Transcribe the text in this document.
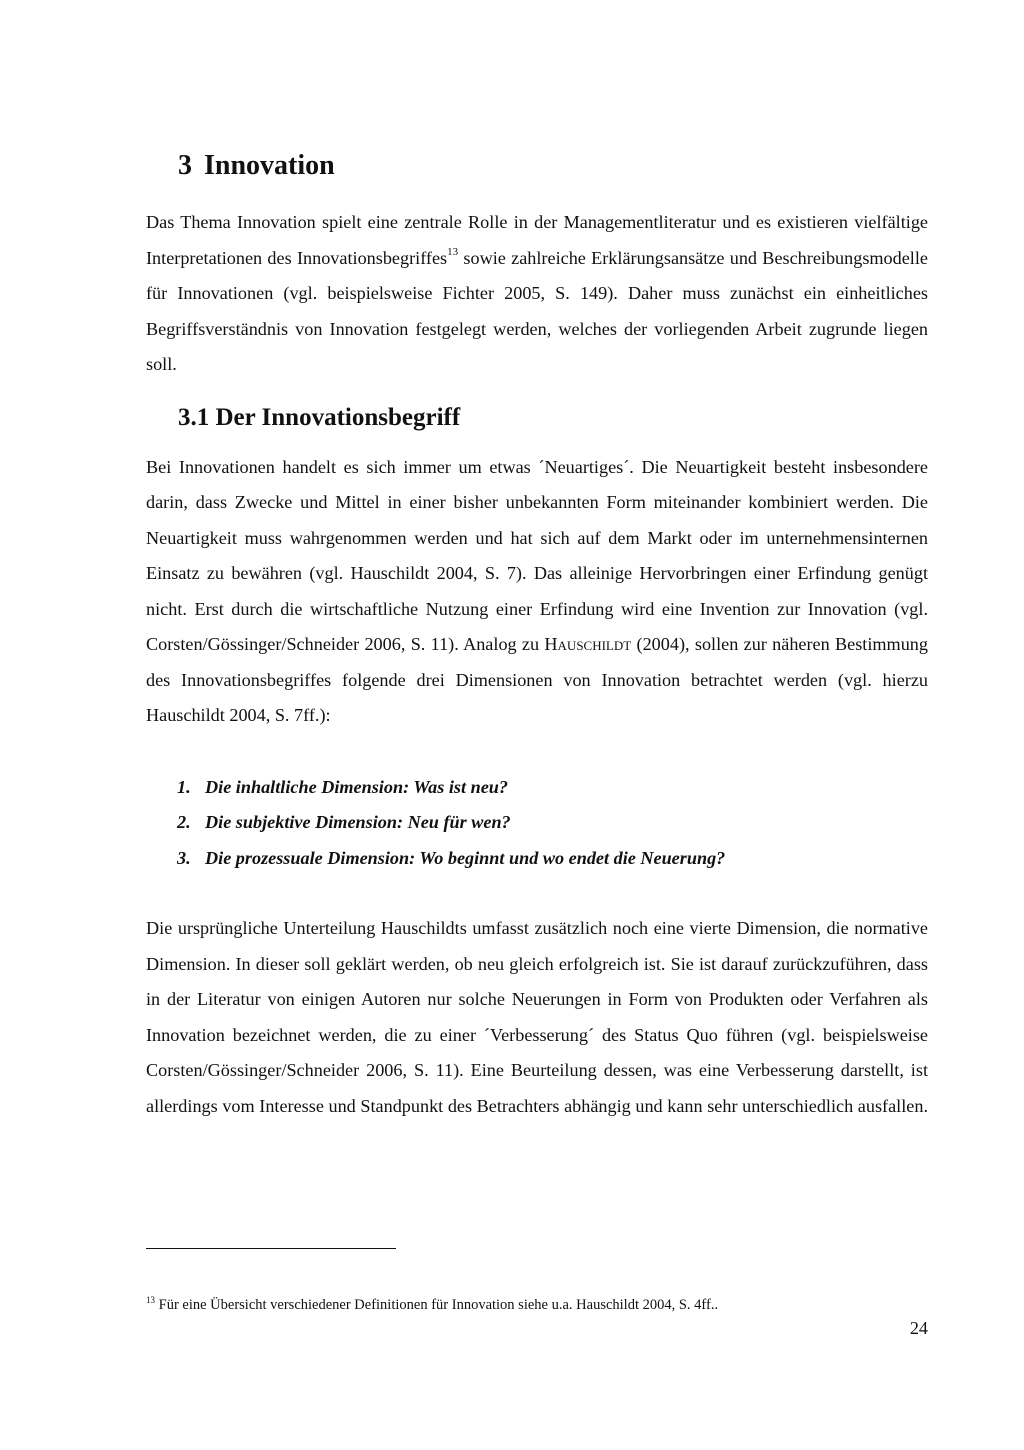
3 Innovation

Das Thema Innovation spielt eine zentrale Rolle in der Managementliteratur und es existieren vielfältige Interpretationen des Innovationsbegriffes$^{13}$ sowie zahlreiche Erklärungsansätze und Beschreibungsmodelle für Innovationen (vgl. beispielsweise Fichter 2005, S. 149). Daher muss zunächst ein einheitliches Begriffsverständnis von Innovation festgelegt werden, welches der vorliegenden Arbeit zugrunde liegen soll.

3.1 Der Innovationsbegriff

Bei Innovationen handelt es sich immer um etwas ´Neuartiges´. Die Neuartigkeit besteht insbesondere darin, dass Zwecke und Mittel in einer bisher unbekannten Form miteinander kombiniert werden. Die Neuartigkeit muss wahrgenommen werden und hat sich auf dem Markt oder im unternehmensinternen Einsatz zu bewähren (vgl. Hauschildt 2004, S. 7). Das alleinige Hervorbringen einer Erfindung genügt nicht. Erst durch die wirtschaftliche Nutzung einer Erfindung wird eine Invention zur Innovation (vgl. Corsten/Gössinger/Schneider 2006, S. 11). Analog zu Hauschildt (2004), sollen zur näheren Bestimmung des Innovationsbegriffes folgende drei Dimensionen von Innovation betrachtet werden (vgl. hierzu Hauschildt 2004, S. 7ff.):

1. Die inhaltliche Dimension: Was ist neu?
2. Die subjektive Dimension: Neu für wen?
3. Die prozessuale Dimension: Wo beginnt und wo endet die Neuerung?

Die ursprüngliche Unterteilung Hauschildts umfasst zusätzlich noch eine vierte Dimension, die normative Dimension. In dieser soll geklärt werden, ob neu gleich erfolgreich ist. Sie ist darauf zurückzuführen, dass in der Literatur von einigen Autoren nur solche Neuerungen in Form von Produkten oder Verfahren als Innovation bezeichnet werden, die zu einer ´Verbesserung´ des Status Quo führen (vgl. beispielsweise Corsten/Gössinger/Schneider 2006, S. 11). Eine Beurteilung dessen, was eine Verbesserung darstellt, ist allerdings vom Interesse und Standpunkt des Betrachters abhängig und kann sehr unterschiedlich ausfallen.

$^{13}$ Für eine Übersicht verschiedener Definitionen für Innovation siehe u.a. Hauschildt 2004, S. 4ff..
24
